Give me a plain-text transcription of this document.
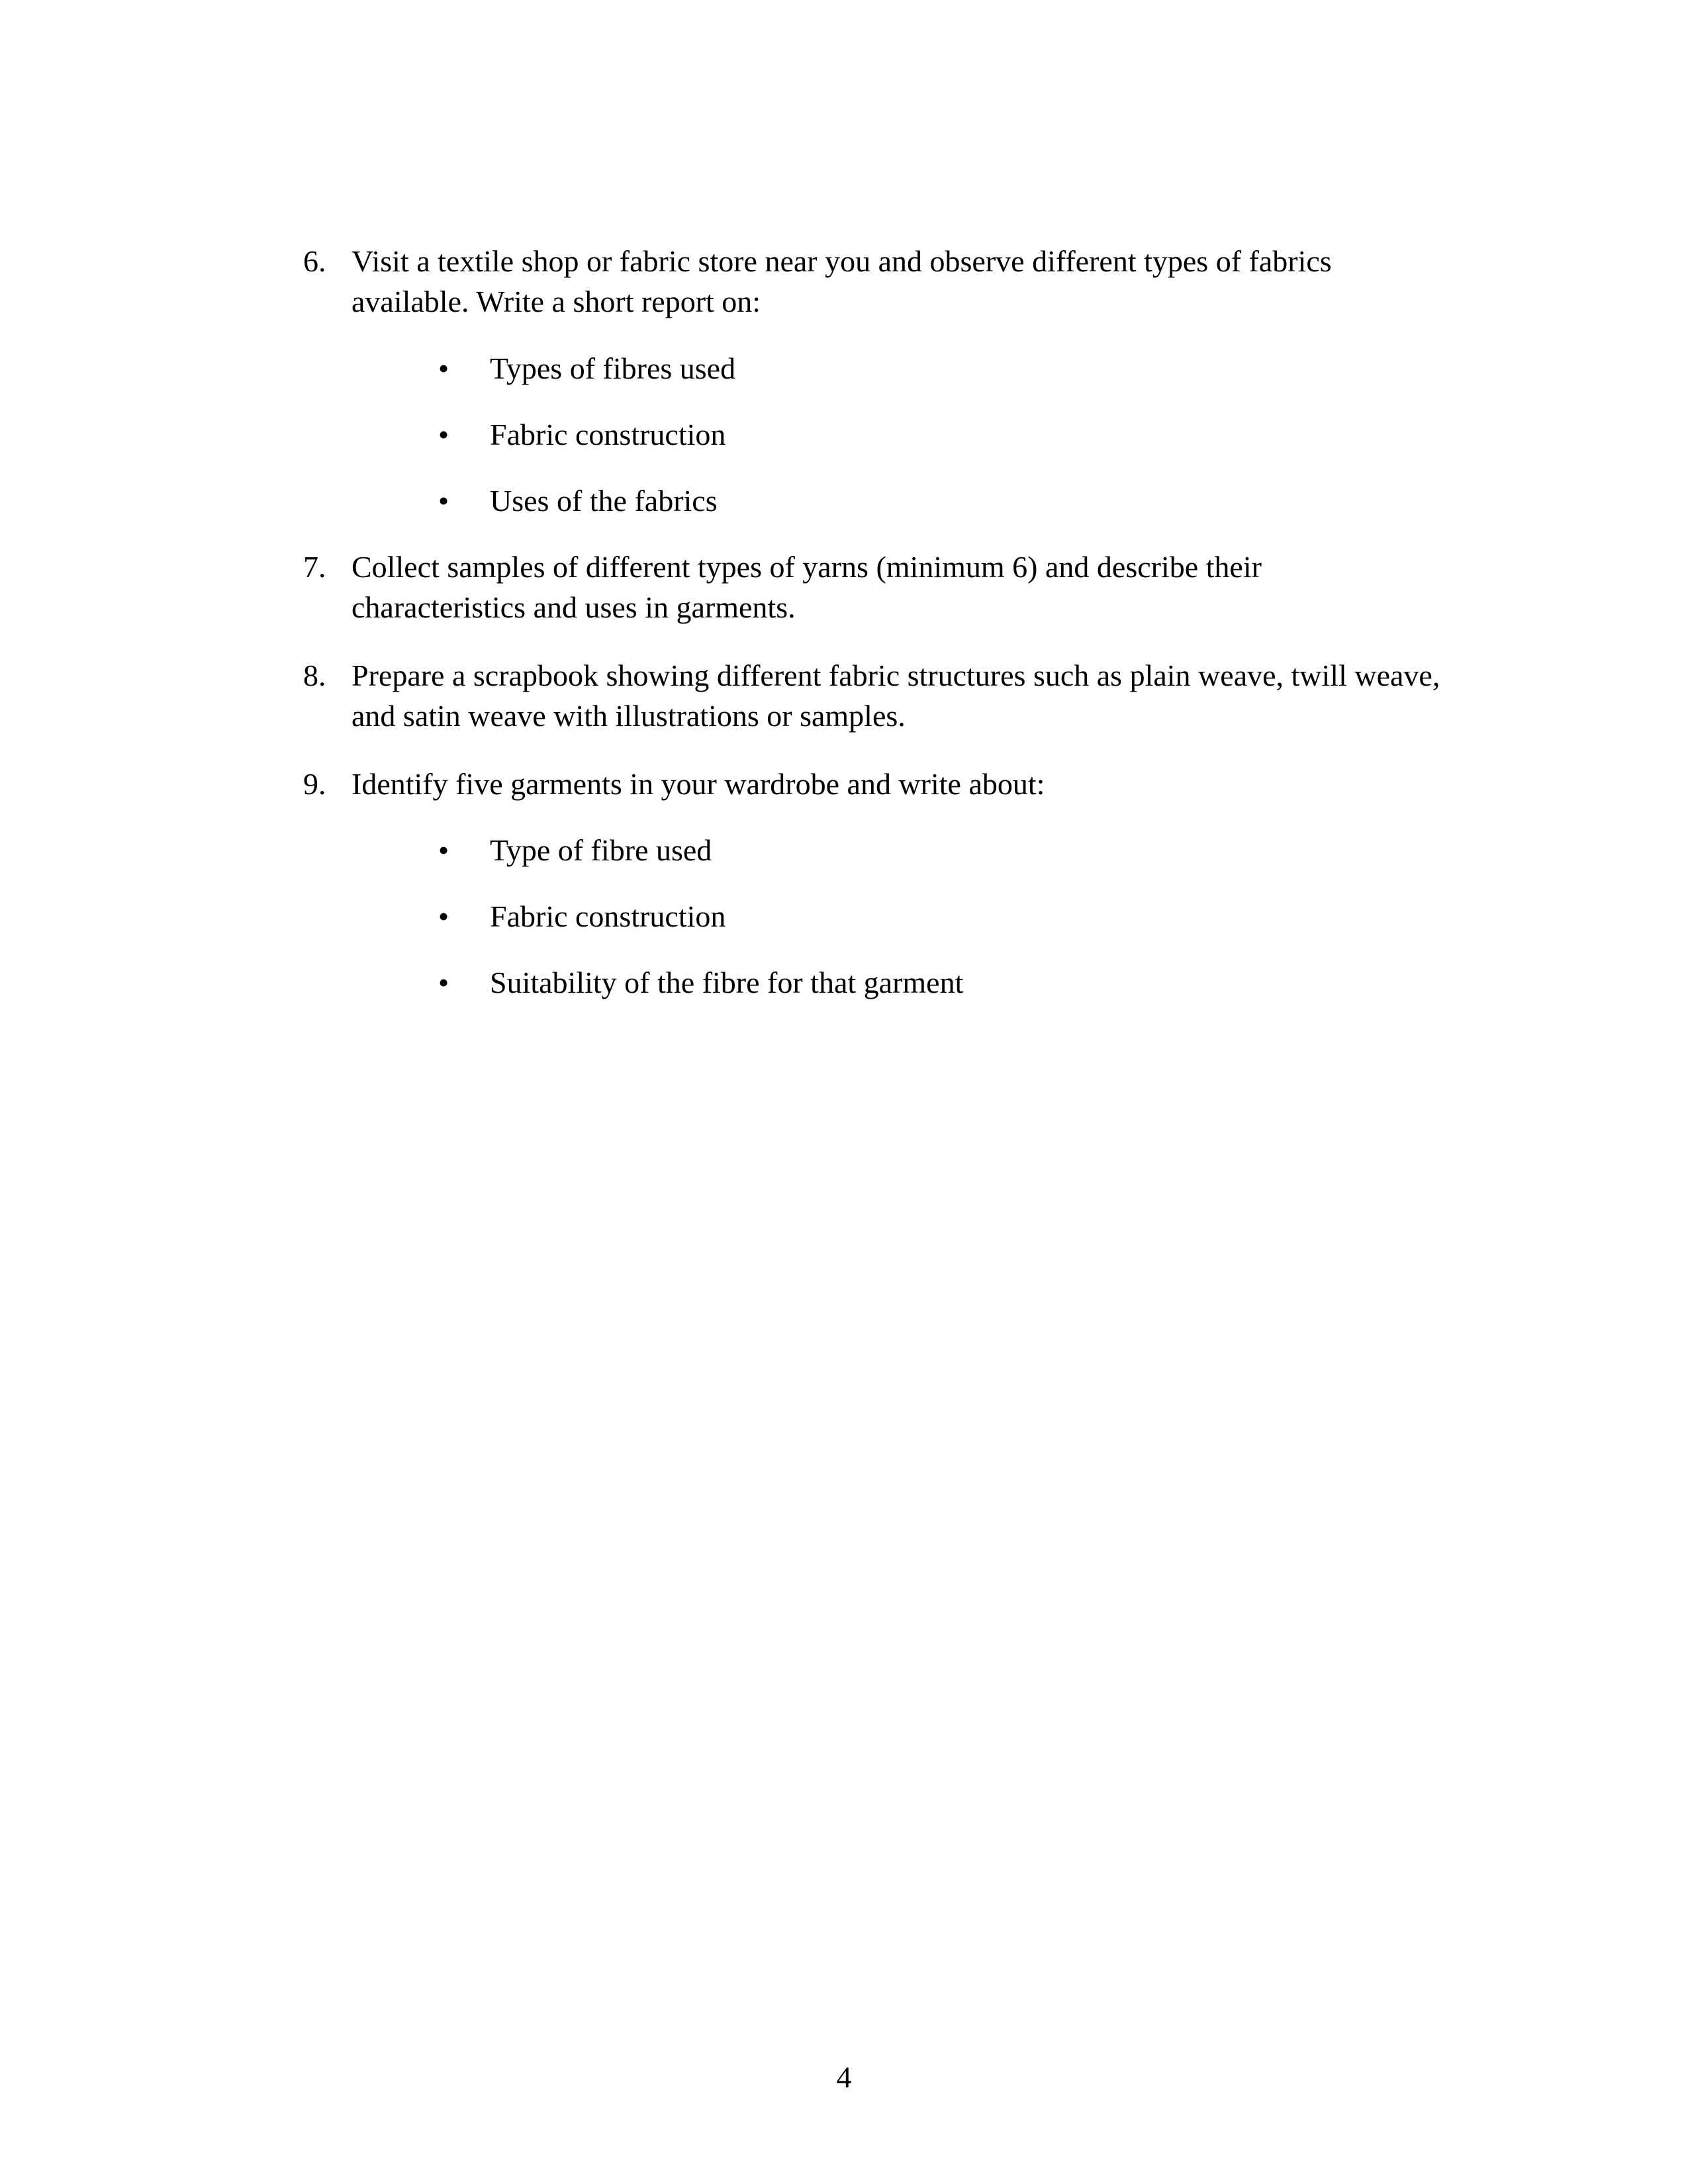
6. Visit a textile shop or fabric store near you and observe different types of fabrics available. Write a short report on:
• Types of fibres used
• Fabric construction
• Uses of the fabrics
7. Collect samples of different types of yarns (minimum 6) and describe their characteristics and uses in garments.
8. Prepare a scrapbook showing different fabric structures such as plain weave, twill weave, and satin weave with illustrations or samples.
9. Identify five garments in your wardrobe and write about:
• Type of fibre used
• Fabric construction
• Suitability of the fibre for that garment
4
